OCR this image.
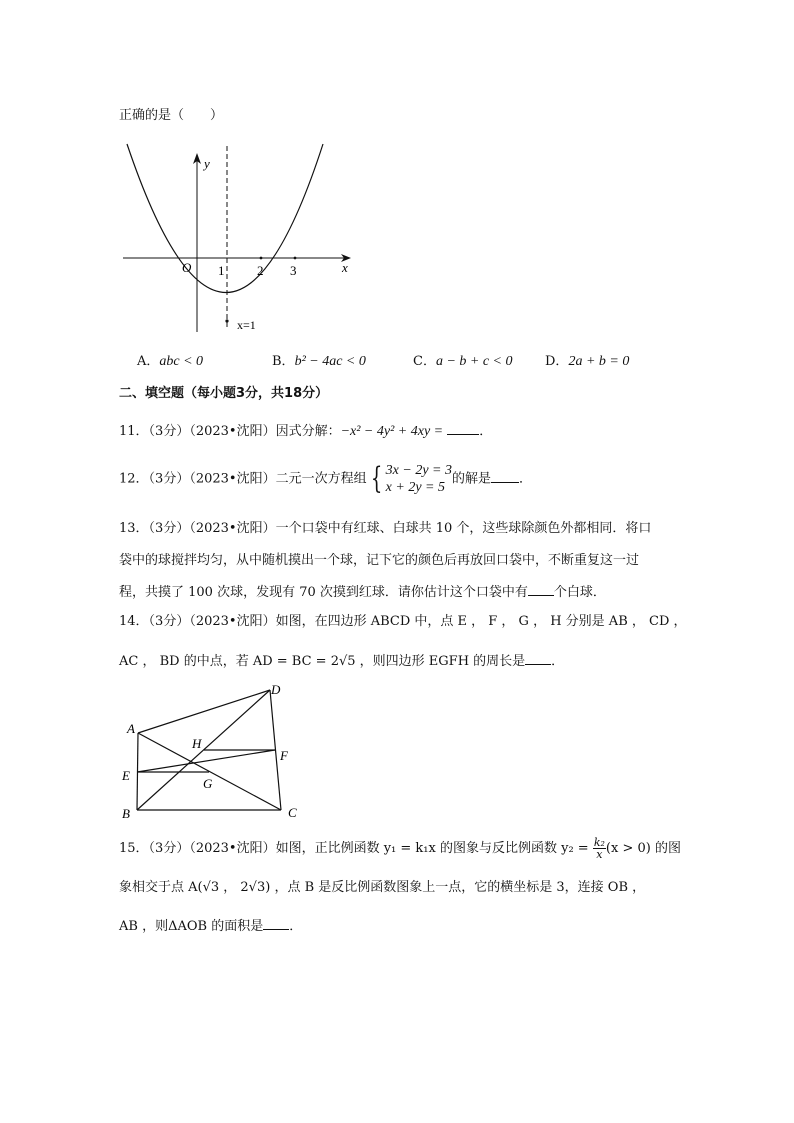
正确的是（　　）
y
x
O 1	2 3
x=1
A．abc < 0	B．b² − 4ac < 0	C．a − b + c < 0 D．2a + b = 0
二、填空题（每小题3分，共18分）
11．（3分）（2023•沈阳）因式分解：−x² − 4y² + 4xy =	．
12．（3分）（2023•沈阳）二元一次方程组 { 3x − 2y = 3
x + 2y = 5
的解是 ．
13．（3分）（2023•沈阳）一个口袋中有红球、白球共 10 个，这些球除颜色外都相同．将口
袋中的球搅拌均匀，从中随机摸出一个球，记下它的颜色后再放回口袋中，不断重复这一过
程，共摸了 100 次球，发现有 70 次摸到红球．请你估计这个口袋中有 个白球．
14．（3分）（2023•沈阳）如图，在四边形 ABCD 中，点 E ， F ， G ， H 分别是 AB ， CD ，
AC ， BD 的中点，若 AD = BC = 2√5 ，则四边形 EGFH 的周长是 ．
A
D
H
F
E
G
B	C
15．（3分）（2023•沈阳）如图，正比例函数 y₁ = k₁x 的图象与反比例函数 $y_2 = \frac{\text{k₂}}{x} (x > 0)$ 的图
象相交于点 A(√3 ， 2√3) ，点 B 是反比例函数图象上一点，它的横坐标是 3，连接 OB ，
AB ，则ΔAOB 的面积是 ．
